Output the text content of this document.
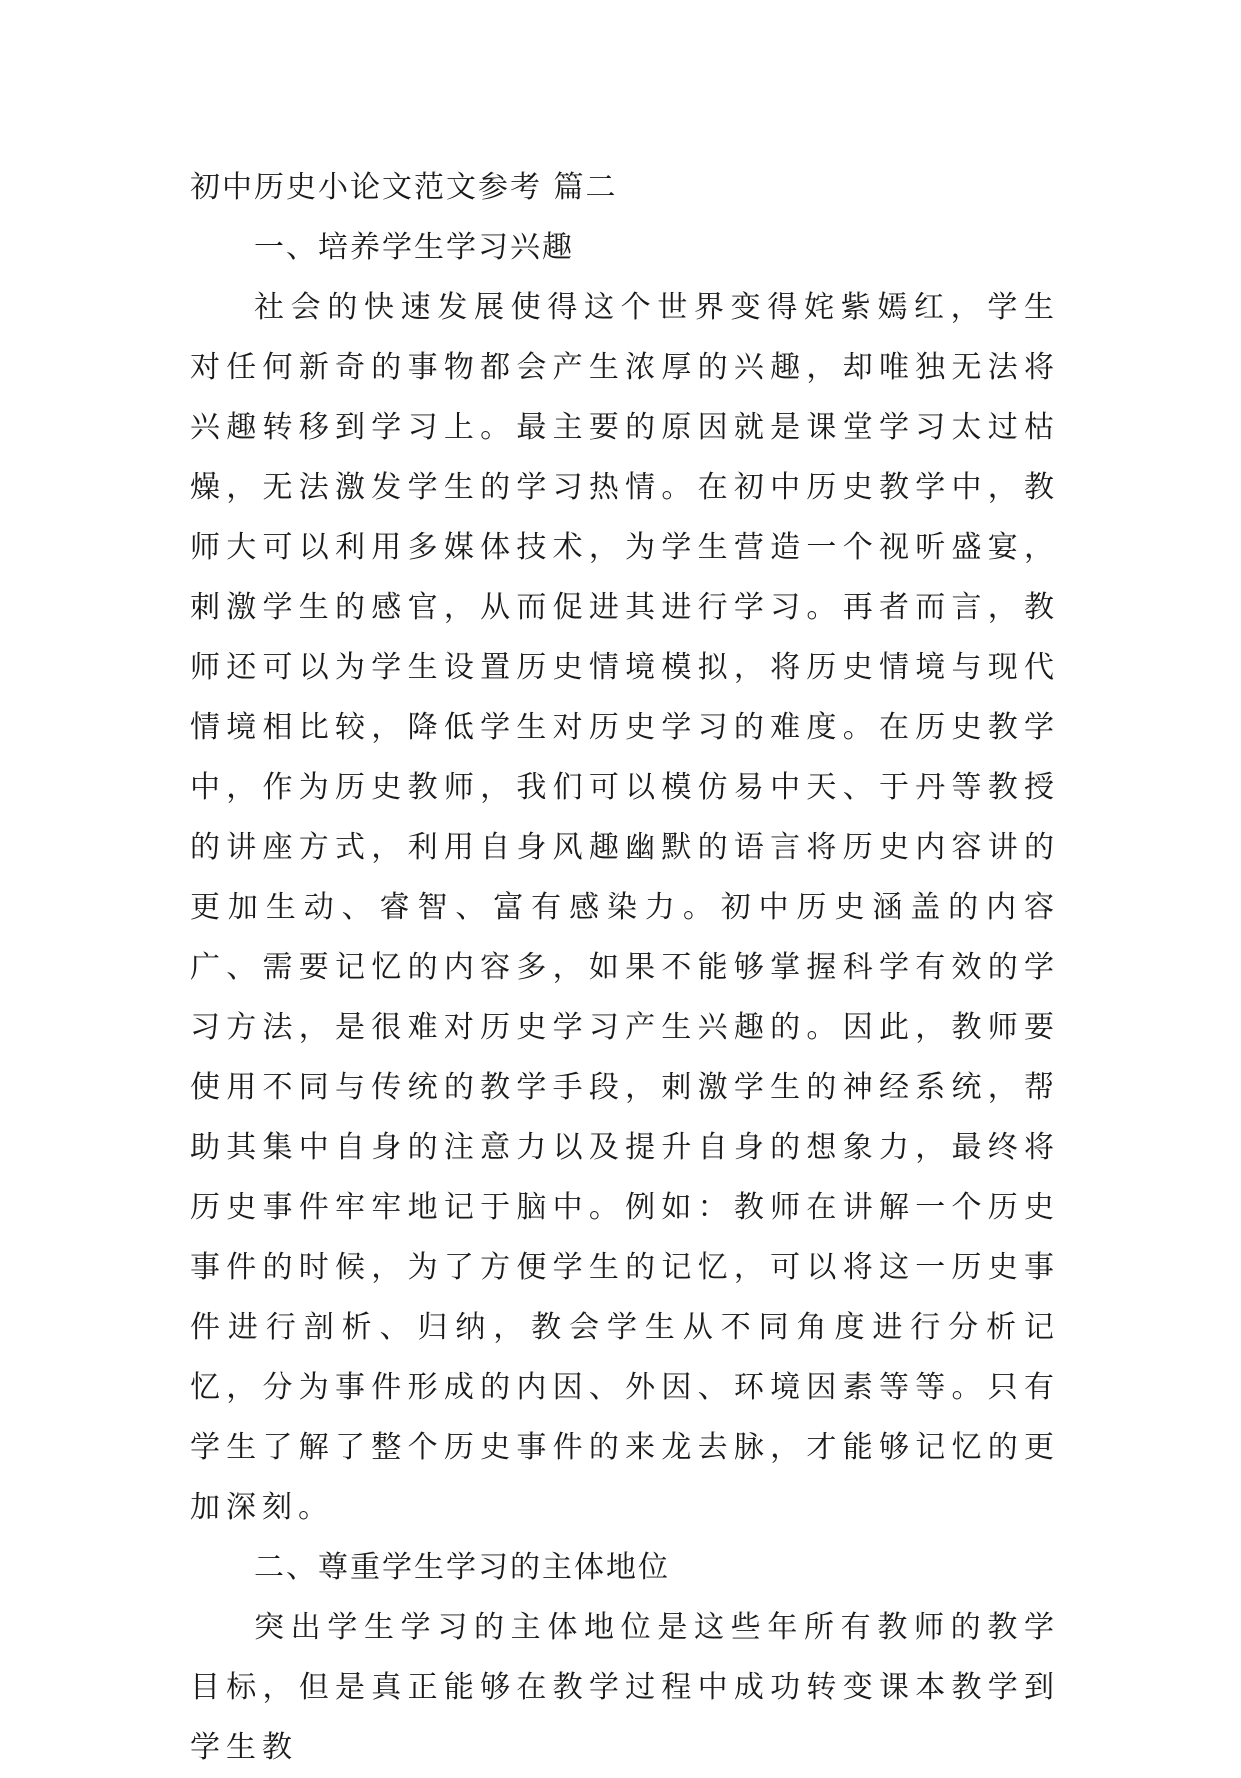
初中历史小论文范文参考 篇二

一、培养学生学习兴趣

社会的快速发展使得这个世界变得姹紫嫣红，学生对任何新奇的事物都会产生浓厚的兴趣，却唯独无法将兴趣转移到学习上。最主要的原因就是课堂学习太过枯燥，无法激发学生的学习热情。在初中历史教学中，教师大可以利用多媒体技术，为学生营造一个视听盛宴，刺激学生的感官，从而促进其进行学习。再者而言，教师还可以为学生设置历史情境模拟，将历史情境与现代情境相比较，降低学生对历史学习的难度。在历史教学中，作为历史教师，我们可以模仿易中天、于丹等教授的讲座方式，利用自身风趣幽默的语言将历史内容讲的更加生动、睿智、富有感染力。初中历史涵盖的内容广、需要记忆的内容多，如果不能够掌握科学有效的学习方法，是很难对历史学习产生兴趣的。因此，教师要使用不同与传统的教学手段，刺激学生的神经系统，帮助其集中自身的注意力以及提升自身的想象力，最终将历史事件牢牢地记于脑中。例如：教师在讲解一个历史事件的时候，为了方便学生的记忆，可以将这一历史事件进行剖析、归纳，教会学生从不同角度进行分析记忆，分为事件形成的内因、外因、环境因素等等。只有学生了解了整个历史事件的来龙去脉，才能够记忆的更加深刻。

二、尊重学生学习的主体地位

突出学生学习的主体地位是这些年所有教师的教学目标，但是真正能够在教学过程中成功转变课本教学到学生教
